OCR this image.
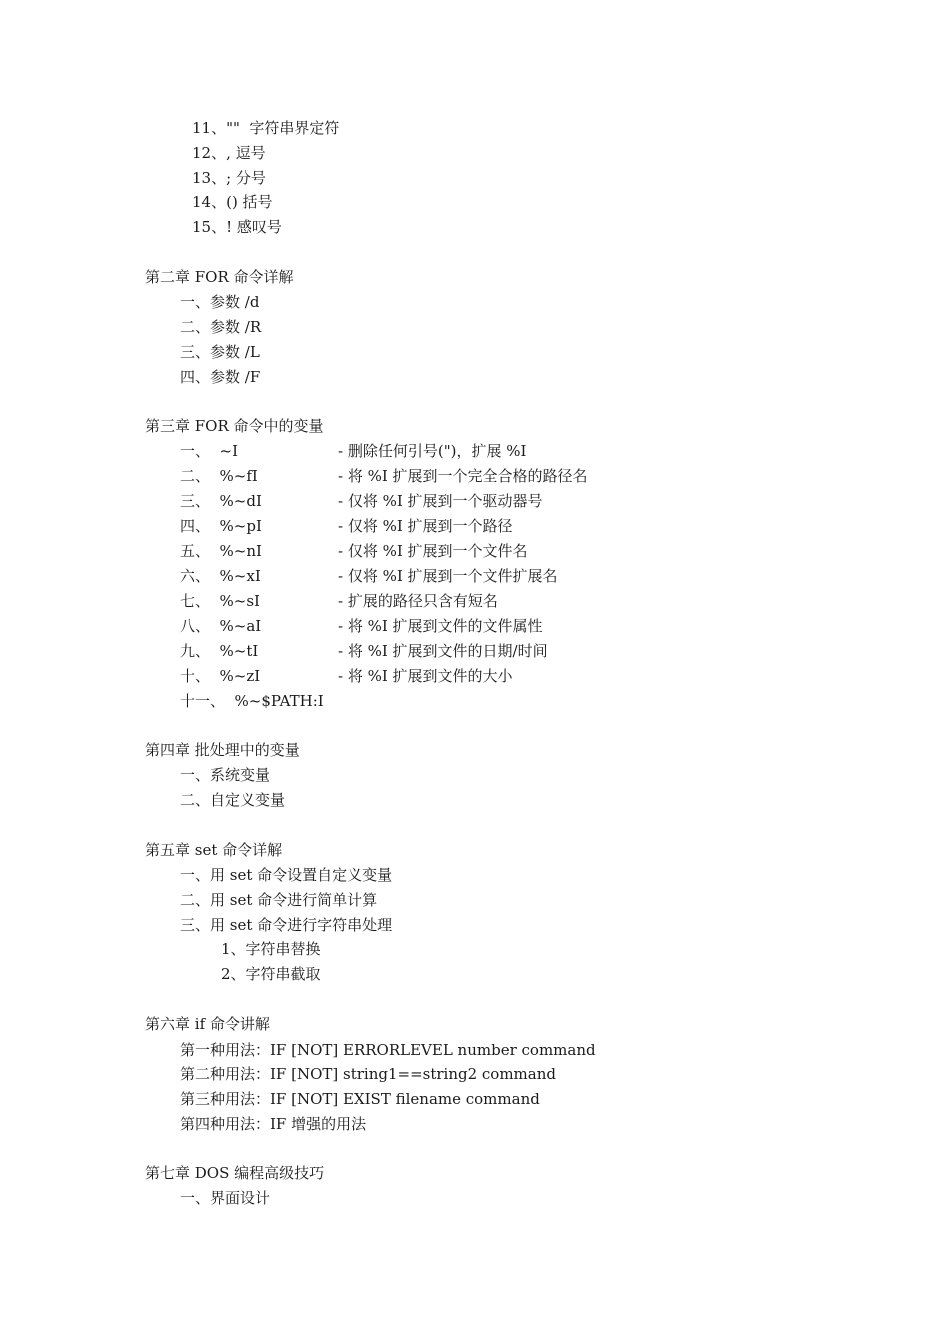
11、""  字符串界定符
12、, 逗号
13、; 分号
14、() 括号
15、! 感叹号
第二章 FOR 命令详解
一、参数 /d
二、参数 /R
三、参数 /L
四、参数 /F
第三章 FOR 命令中的变量
一、  ~I	- 删除任何引号(")，扩展 %I
二、  %~fI	- 将 %I 扩展到一个完全合格的路径名
三、  %~dI	- 仅将 %I 扩展到一个驱动器号
四、  %~pI	- 仅将 %I 扩展到一个路径
五、  %~nI	- 仅将 %I 扩展到一个文件名
六、  %~xI	- 仅将 %I 扩展到一个文件扩展名
七、  %~sI	- 扩展的路径只含有短名
八、  %~aI	- 将 %I 扩展到文件的文件属性
九、  %~tI	- 将 %I 扩展到文件的日期/时间
十、  %~zI	- 将 %I 扩展到文件的大小
十一、  %~$PATH:I
第四章 批处理中的变量
一、系统变量
二、自定义变量
第五章 set 命令详解
一、用 set 命令设置自定义变量
二、用 set 命令进行简单计算
三、用 set 命令进行字符串处理
1、字符串替换
2、字符串截取
第六章 if 命令讲解
第一种用法：IF [NOT] ERRORLEVEL number command
第二种用法：IF [NOT] string1==string2 command
第三种用法：IF [NOT] EXIST filename command
第四种用法：IF 增强的用法
第七章 DOS 编程高级技巧
一、界面设计
